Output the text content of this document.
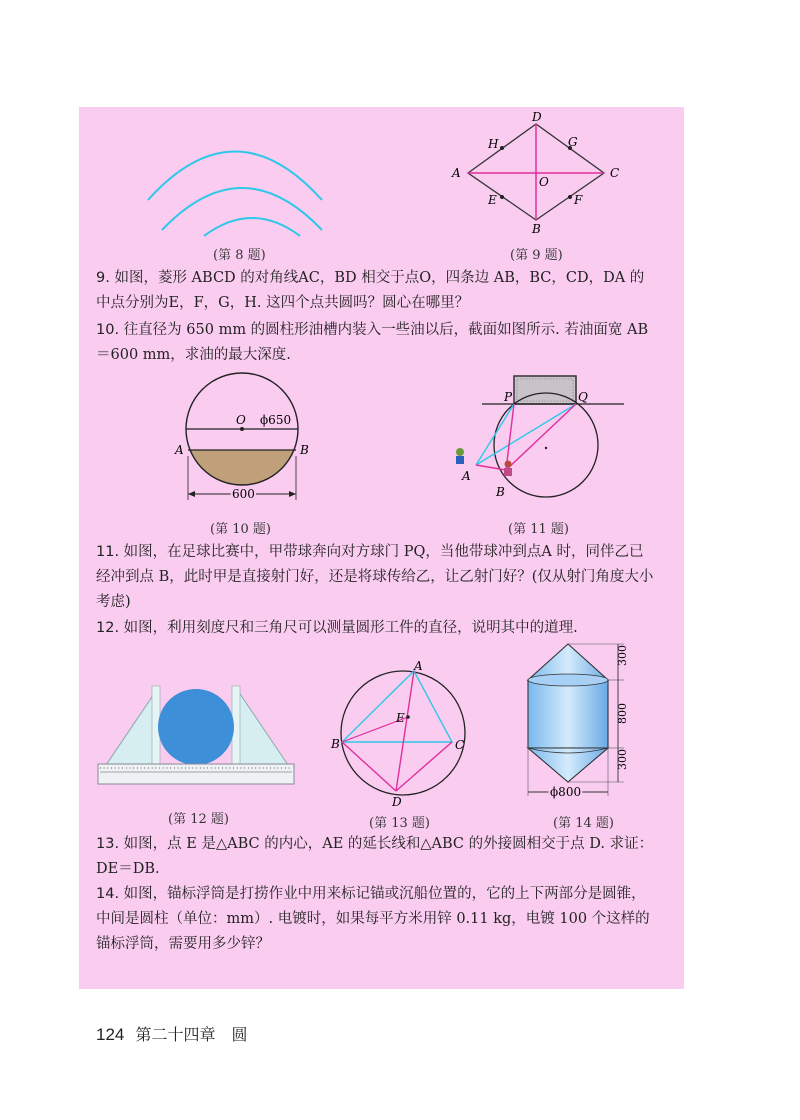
(第 8 题)
A
D
C
B
H	G
E	F
O
(第 9 题)
9. 如图，菱形 ABCD 的对角线AC，BD 相交于点O，四条边 AB，BC，CD，DA 的中点分别为E，F，G，H. 这四个点共圆吗？圆心在哪里？
10. 往直径为 650 mm 的圆柱形油槽内装入一些油以后，截面如图所示. 若油面宽 AB＝600 mm，求油的最大深度.
O ϕ650
A	B
600
(第 10 题)
P	Q
A
B
(第 11 题)
11. 如图，在足球比赛中，甲带球奔向对方球门 PQ，当他带球冲到点A 时，同伴乙已经冲到点 B，此时甲是直接射门好，还是将球传给乙，让乙射门好？(仅从射门角度大小考虑)
12. 如图，利用刻度尺和三角尺可以测量圆形工件的直径，说明其中的道理.
(第 12 题)
A
B	C
D
E
(第 13 题)
300
800
300
ϕ800
(第 14 题)
13. 如图，点 E 是△ABC 的内心，AE 的延长线和△ABC 的外接圆相交于点 D. 求证：DE＝DB.
14. 如图，锚标浮筒是打捞作业中用来标记锚或沉船位置的，它的上下两部分是圆锥，中间是圆柱（单位：mm）. 电镀时，如果每平方米用锌 0.11 kg，电镀 100 个这样的锚标浮筒，需要用多少锌？
124 第二十四章　圆
